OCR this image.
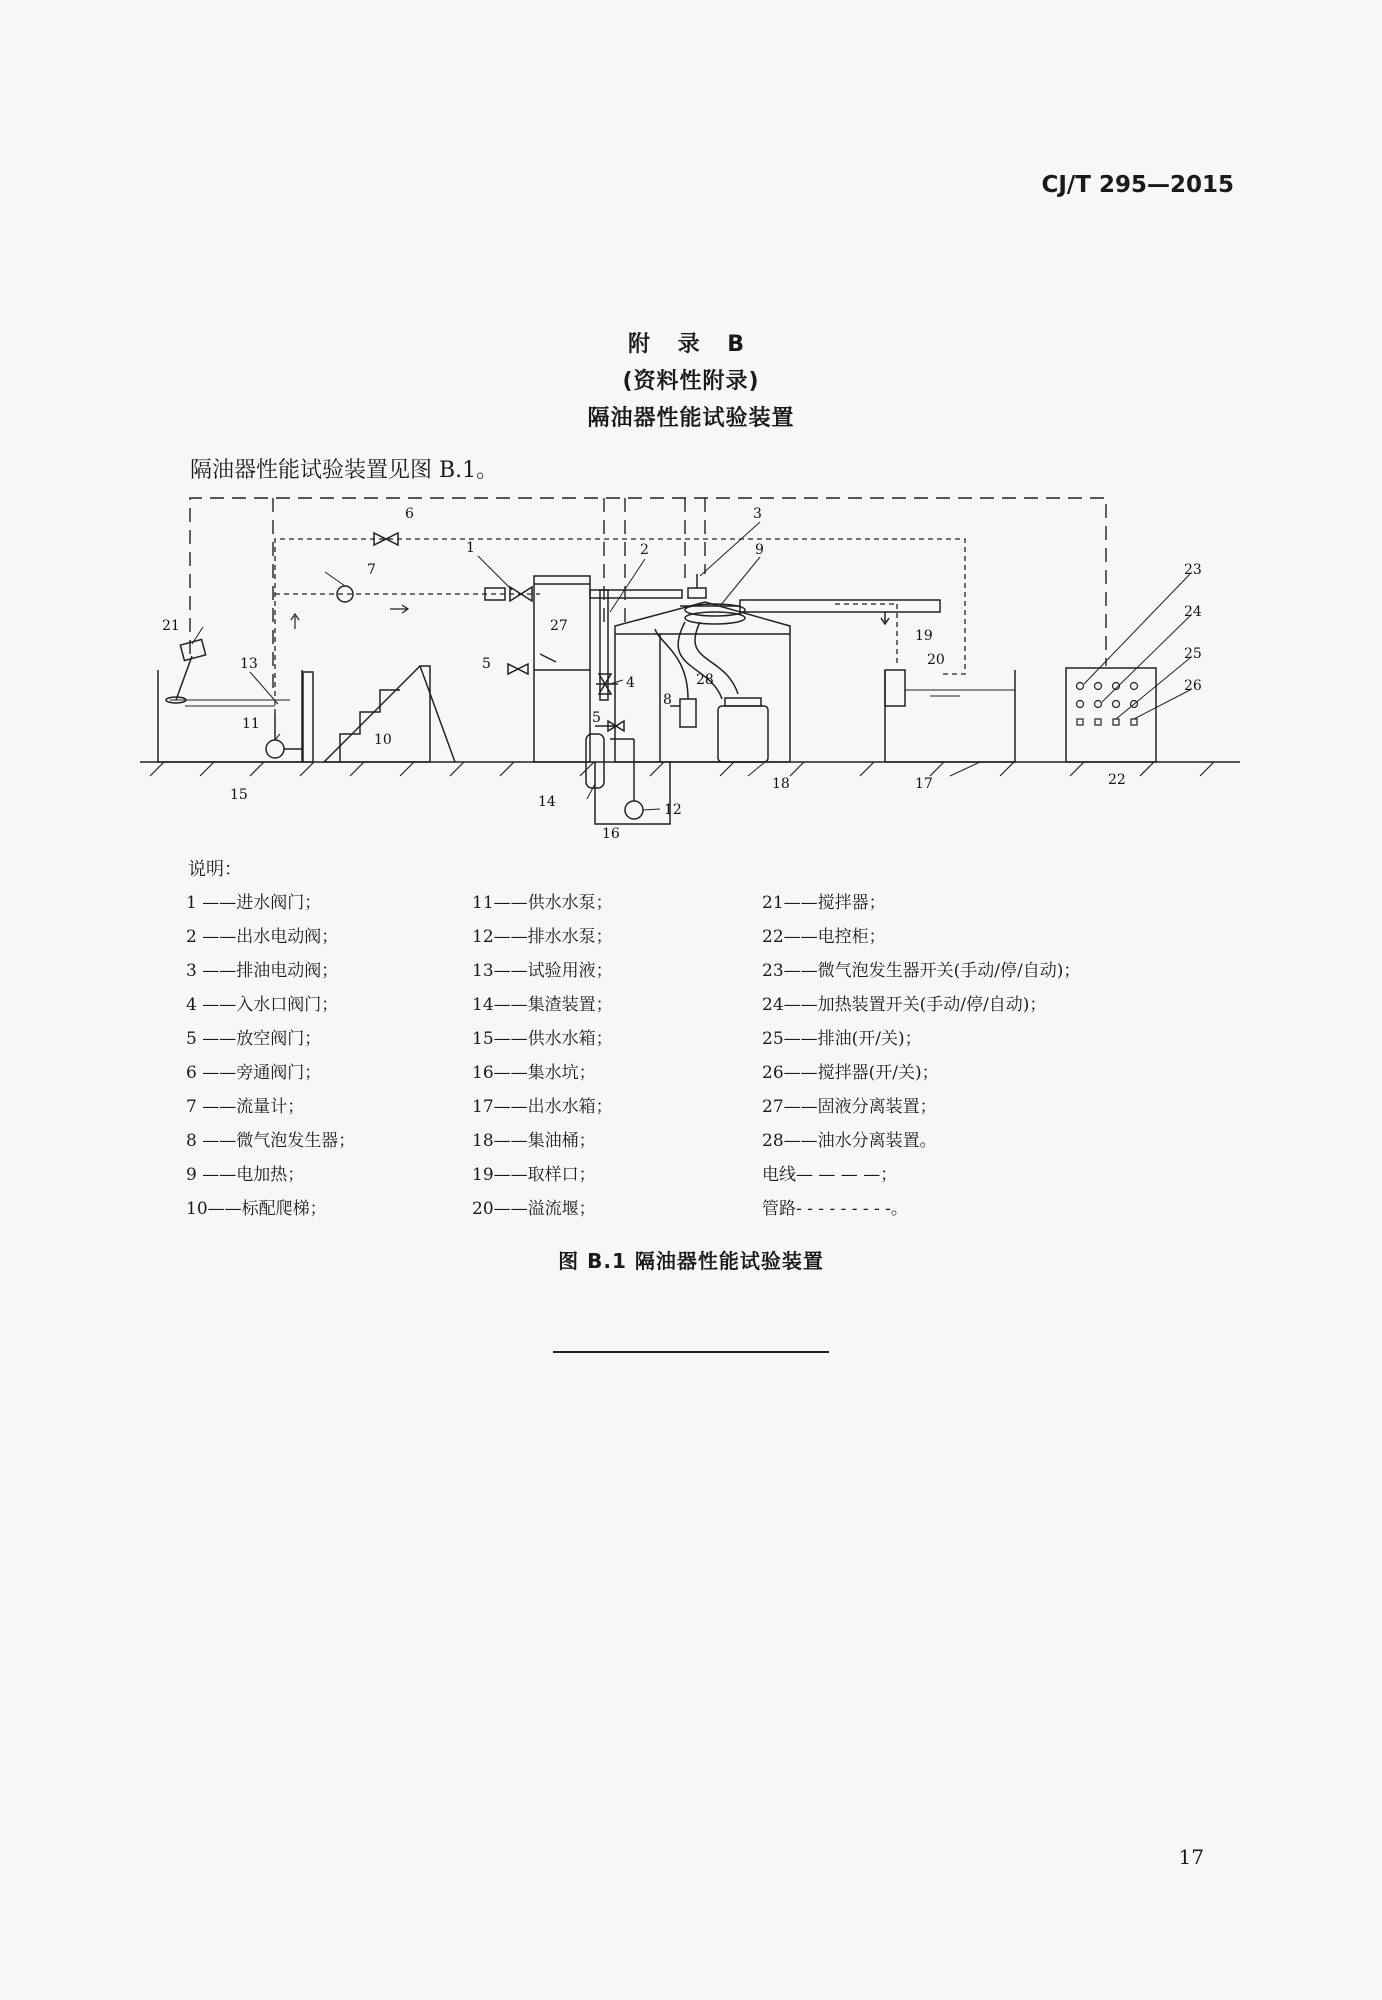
CJ/T 295—2015
附 录 B
(资料性附录)
隔油器性能试验装置
隔油器性能试验装置见图 B.1。
6
1	2
3
9
7
21
13	5
27
4	28
8
5
11
10
15	14	12
16
18	17
19
20
22
23
24
25
26
说明：
1 ——进水阀门；
2 ——出水电动阀；
3 ——排油电动阀；
4 ——入水口阀门；
5 ——放空阀门；
6 ——旁通阀门；
7 ——流量计；
8 ——微气泡发生器；
9 ——电加热；
10——标配爬梯；
11——供水水泵；
12——排水水泵；
13——试验用液；
14——集渣装置；
15——供水水箱；
16——集水坑；
17——出水水箱；
18——集油桶；
19——取样口；
20——溢流堰；
21——搅拌器；
22——电控柜；
23——微气泡发生器开关(手动/停/自动)；
24——加热装置开关(手动/停/自动)；
25——排油(开/关)；
26——搅拌器(开/关)；
27——固液分离装置；
28——油水分离装置。
电线— — — —；
管路- - - - - - - - -。
图 B.1 隔油器性能试验装置
17
